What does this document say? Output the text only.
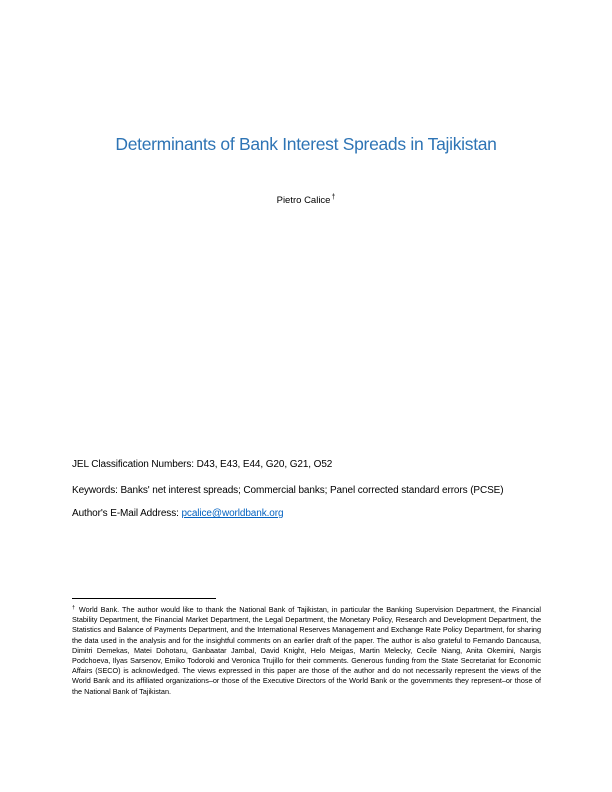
Determinants of Bank Interest Spreads in Tajikistan
Pietro Calice†
JEL Classification Numbers: D43, E43, E44, G20, G21, O52
Keywords: Banks' net interest spreads; Commercial banks; Panel corrected standard errors (PCSE)
Author's E-Mail Address: pcalice@worldbank.org

† World Bank. The author would like to thank the National Bank of Tajikistan, in particular the Banking Supervision Department, the Financial Stability Department, the Financial Market Department, the Legal Department, the Monetary Policy, Research and Development Department, the Statistics and Balance of Payments Department, and the International Reserves Management and Exchange Rate Policy Department, for sharing the data used in the analysis and for the insightful comments on an earlier draft of the paper. The author is also grateful to Fernando Dancausa, Dimitri Demekas, Matei Dohotaru, Ganbaatar Jambal, David Knight, Helo Meigas, Martin Melecky, Cecile Niang, Anita Okemini, Nargis Podchoeva, Ilyas Sarsenov, Emiko Todoroki and Veronica Trujillo for their comments. Generous funding from the State Secretariat for Economic Affairs (SECO) is acknowledged. The views expressed in this paper are those of the author and do not necessarily represent the views of the World Bank and its affiliated organizations–or those of the Executive Directors of the World Bank or the governments they represent–or those of the National Bank of Tajikistan.
